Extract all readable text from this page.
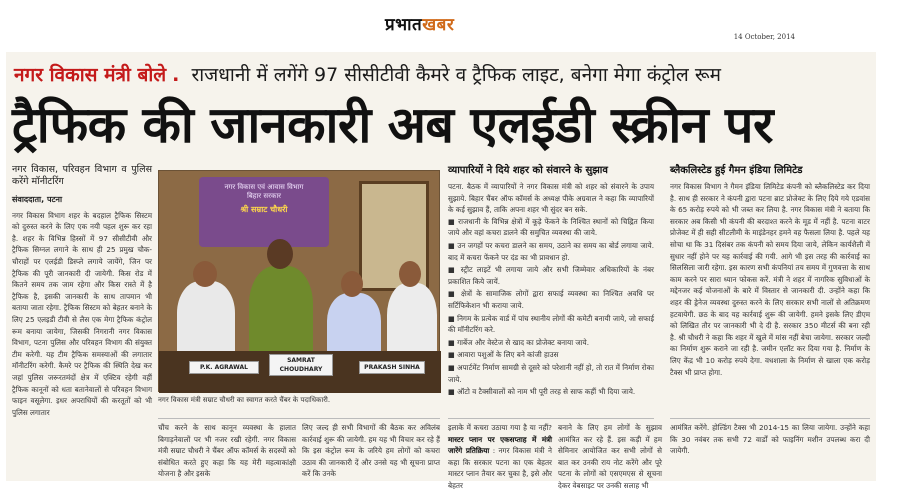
प्रभातखबर
14 October, 2014
नगर विकास मंत्री बोले . राजधानी में लगेंगे 97 सीसीटीवी कैमरे व ट्रैफिक लाइट, बनेगा मेगा कंट्रोल रूम
ट्रैफिक की जानकारी अब एलईडी स्क्रीन पर
नगर विकास, परिवहन विभाग व पुलिस करेंगे मॉनीटरिंग
संवाददाता, पटना
नगर विकास विभाग शहर के बदहाल ट्रैफिक सिस्टम को दुरुस्त करने के लिए एक नयी पहल शुरू कर रहा है. शहर के विभिन्न हिस्सों में 97 सीसीटीवी और ट्रैफिक सिग्नल लगाने के साथ ही 25 प्रमुख चौक-चौराहों पर एलईडी डिस्प्ले लगाये जायेंगे, जिन पर ट्रैफिक की पूरी जानकारी दी जायेगी. किस रोड में कितने समय तक जाम रहेगा और किस रास्ते में है ट्रैफिक है, इसकी जानकारी के साथ तापमान भी बताया जाता रहेगा. ट्रैफिक सिस्टम को बेहतर बनाने के लिए 25 एलइडी टीवी से लैस एक मेगा ट्रैफिक कंट्रोल रूम बनाया जायेगा, जिसकी निगरानी नगर विकास विभाग, पटना पुलिस और परिवहन विभाग की संयुक्त टीम करेगी. यह टीम ट्रैफिक समस्याओं की लगातार मॉनीटरिंग करेगी. कैमरे पर ट्रैफिक की स्थिति देख कर जहां पुलिस जरूरतमंदों क्षेत्र में एक्टिव रहेगी वहीं ट्रैफिक कानूनों को धता बतानेवालों से परिवहन विभाग फाइन वसूलेगा. इधर अपराधियों की करतूतों को भी पुलिस लगातार
नगर विकास एवं आवास विभाग
बिहार सरकार
श्री सम्राट चौधरी
P.K. AGRAWAL
SAMRAT CHOUDHARY	PRAKASH SINHA
नगर विकास मंत्री सम्राट चौधरी का स्वागत करते चैंबर के पदाधिकारी.
चौंच करने के साथ कानून व्यवस्था के हालात बिगाड़नेवालों पर भी नजर रखी रहेगी. नगर विकास मंत्री सम्राट चौधरी ने चैंबर ऑफ कॉमर्स के सदस्यों को संबोधित करते हुए कहा कि यह मेरी महत्वाकांक्षी योजना है और इसके
लिए जल्द ही सभी विभागों की बैठक कर अविलंब कार्रवाई शुरू की जायेगी. हम यह भी विचार कर रहे हैं कि इस कंट्रोल रूम के जरिये हम लोगों को कचरा उठाव की जानकारी दें और उनसे यह भी सूचना प्राप्त करें कि उनके
व्यापारियों ने दिये शहर को संवारने के सुझाव
पटना. बैठक में व्यापारियों ने नगर विकास मंत्री को शहर को संवारने के उपाय सुझाये. बिहार चैंबर ऑफ कॉमर्स के अध्यक्ष पीके अग्रवाल ने कहा कि व्यापारियों के कई सुझाव हैं, ताकि अपना शहर भी सुंदर बन सके.
■ राजधानी के विभिन्न क्षेत्रों में कूड़े फेंकने के निश्चित स्थानों को चिह्नित किया जाये और वहां कचरा डालने की समुचित व्यवस्था की जाये.
■ उन जगहों पर कचरा डालने का समय, उठाने का समय का बोर्ड लगाया जाये. बाद में कचरा फेंकने पर दंड का भी प्रावधान हो.
■ स्ट्रीट लाइटें भी लगाया जाये और सभी जिम्मेवार अधिकारियों के नंबर प्रकाशित किये जायें.
■ क्षेत्रों के सामाजिक लोगों द्वारा सफाई व्यवस्था का निश्चित अवधि पर सर्टिफिकेशन भी कराया जाये.
■ निगम के प्रत्येक वार्ड में पांच स्थानीय लोगों की कमेटी बनायी जाये, जो सफाई की मॉनीटरिंग करे.
■ गार्बेज और वेस्टेज से खाद का प्रोजेक्ट बनाया जाये.
■ आवारा पशुओं के लिए बने कांजी हाउस
■ अपार्टमेंट निर्माण सामग्री से दूसरे को परेशानी नहीं हो, तो रात में निर्माण रोका जाये.
■ ऑटो व टैक्सीवालों को नाम भी पूरी तरह से साफ कहीं भी दिया जाये.
इलाके में कचरा उठाया गया है या नहीं? मास्टर प्लान पर एकसप्ताह में मंत्री जारेंगे प्रतिक्रिया : नगर विकास मंत्री ने कहा कि सरकार पटना का एक बेहतर मास्टर प्लान तैयार कर चुका है, इसे और बेहतर
बनाने के लिए हम लोगों के सुझाव आमंत्रित कर रहे हैं. इस कड़ी में हम सेमिनार आयोजित कर सभी लोगों से बात कर उनकी राय नोट करेंगे और पूरे पटना के लोगों को एसएमएस से सूचना देकर वेबसाइट पर उनकी सलाह भी
ब्लैकलिस्टेड हुई गैमन इंडिया लिमिटेड
नगर विकास विभाग ने गैमन इंडिया लिमिटेड कंपनी को ब्लैकलिस्टेड कर दिया है. साथ ही सरकार ने कंपनी द्वारा पटना ब्राट प्रोजेक्ट के लिए दिये गये एडवांस के 65 करोड़ रुपये को भी जब्त कर लिया है. नगर विकास मंत्री ने बताया कि सरकार अब किसी भी कंपनी की बरदाश्त करने के मूड में नहीं है. पटना वाटर प्रोजेक्ट में ही सही सीटलीमी के माइंडेनहर हमने वह फैसला लिया है. पहले यह सोचा था कि 31 दिसंबर तक कंपनी को समय दिया जाये, लेकिन कार्यशैली में सुधार नहीं होने पर यह कार्रवाई की गयी. आगे भी इस तरह की कार्रवाई का सिलसिला जारी रहेगा. इस कारण सभी कंपनियां तय समय में गुणवत्ता के साथ काम करने पर सारा ध्यान फोकस करें. मंत्री ने शहर में नागरिक सुविधाओं के मद्देनजर कई योजनाओं के बारे में विस्तार से जानकारी दी. उन्होंने कहा कि शहर की ड्रेनेज व्यवस्था दुरुस्त करने के लिए सरकार सभी नालों से अतिक्रमण हटवायेगी. छठ के बाद यह कार्रवाई शुरू की जायेगी. हमने इसके लिए डीएम को लिखित तौर पर जानकारी भी दे दी है. सरकार 350 मीटर्स की बना रही है. श्री चौधरी ने कहा कि शहर में खुले में मांस नहीं बेचा जायेगा. सरकार जल्दी का निर्माण शुरू कराने जा रही है. जमीन एलॉट कर दिया गया है. निर्माण के लिए केंद्र भी 10 करोड़ रुपये देगा. वधशाला के निर्माण से खाला एक करोड़ टैक्स भी प्राप्त होगा.
आमंत्रित करेंगे. होल्डिंग टैक्स भी 2014-15 का लिया जायेगा. उन्होंने कहा कि 30 नवंबर तक सभी 72 वार्डों को फाइनिंग मशीन उपलब्ध करा दी जायेगी.
